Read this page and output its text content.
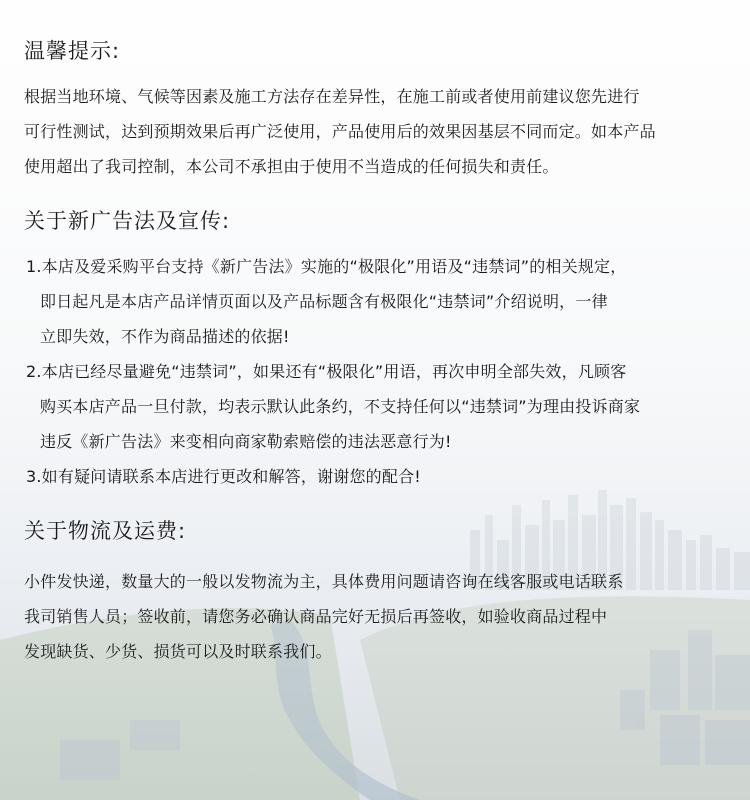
温馨提示:

根据当地环境、气候等因素及施工方法存在差异性，在施工前或者使用前建议您先进行

可行性测试，达到预期效果后再广泛使用，产品使用后的效果因基层不同而定。如本产品

使用超出了我司控制，本公司不承担由于使用不当造成的任何损失和责任。

关于新广告法及宣传:

1.本店及爱采购平台支持《新广告法》实施的“极限化”用语及“违禁词”的相关规定，

即日起凡是本店产品详情页面以及产品标题含有极限化“违禁词”介绍说明，一律

立即失效，不作为商品描述的依据!

2.本店已经尽量避免“违禁词”，如果还有“极限化”用语，再次申明全部失效，凡顾客

购买本店产品一旦付款，均表示默认此条约，不支持任何以“违禁词”为理由投诉商家

违反《新广告法》来变相向商家勒索赔偿的违法恶意行为!

3.如有疑问请联系本店进行更改和解答，谢谢您的配合!

关于物流及运费:

小件发快递，数量大的一般以发物流为主，具体费用问题请咨询在线客服或电话联系

我司销售人员；签收前，请您务必确认商品完好无损后再签收，如验收商品过程中

发现缺货、少货、损货可以及时联系我们。
